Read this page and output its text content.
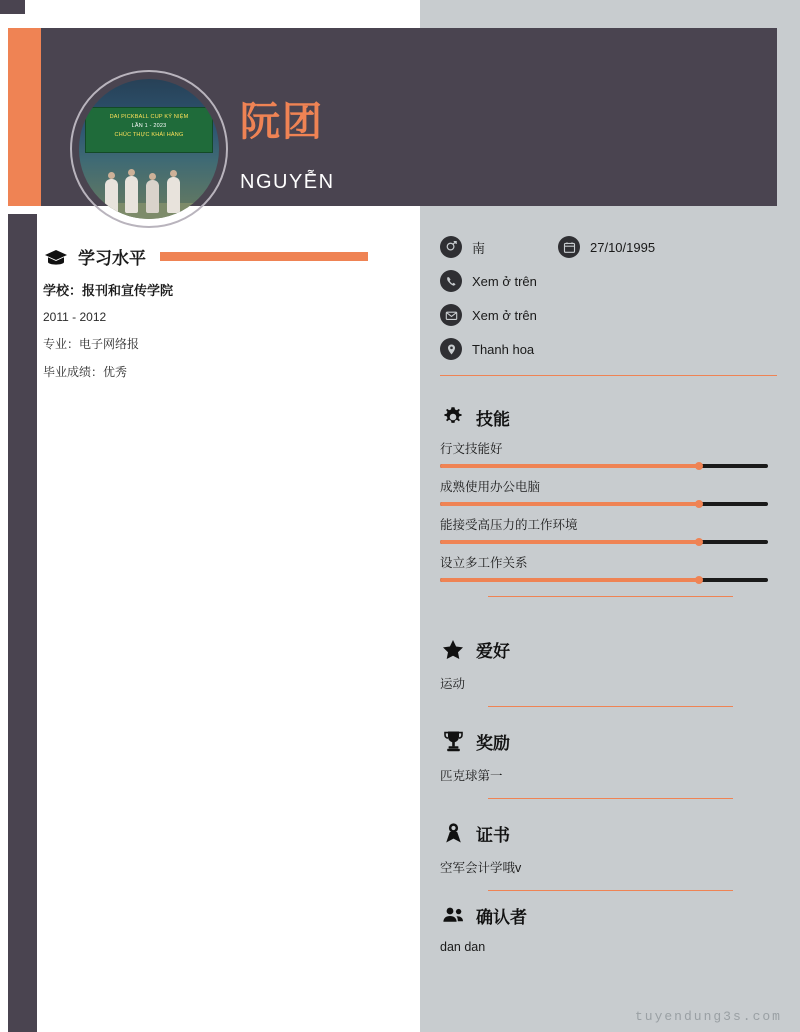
学习水平
学校：报刊和宣传学院
2011 - 2012
专业：电子网络报
毕业成绩：优秀
DAI PICKBALL CUP KỶ NIỆM
LẦN 1 - 2023
CHÚC THỰC KHÁI HÀNG	阮团
NGUYỄN
南	27/10/1995
Xem ở trên
Xem ở trên
Thanh hoa
技能
行文技能好
成熟使用办公电脑
能接受高压力的工作环境
设立多工作关系
爱好
运动
奖励
匹克球第一
证书
空军会计学哦v
确认者
dan dan
tuyendung3s.com
